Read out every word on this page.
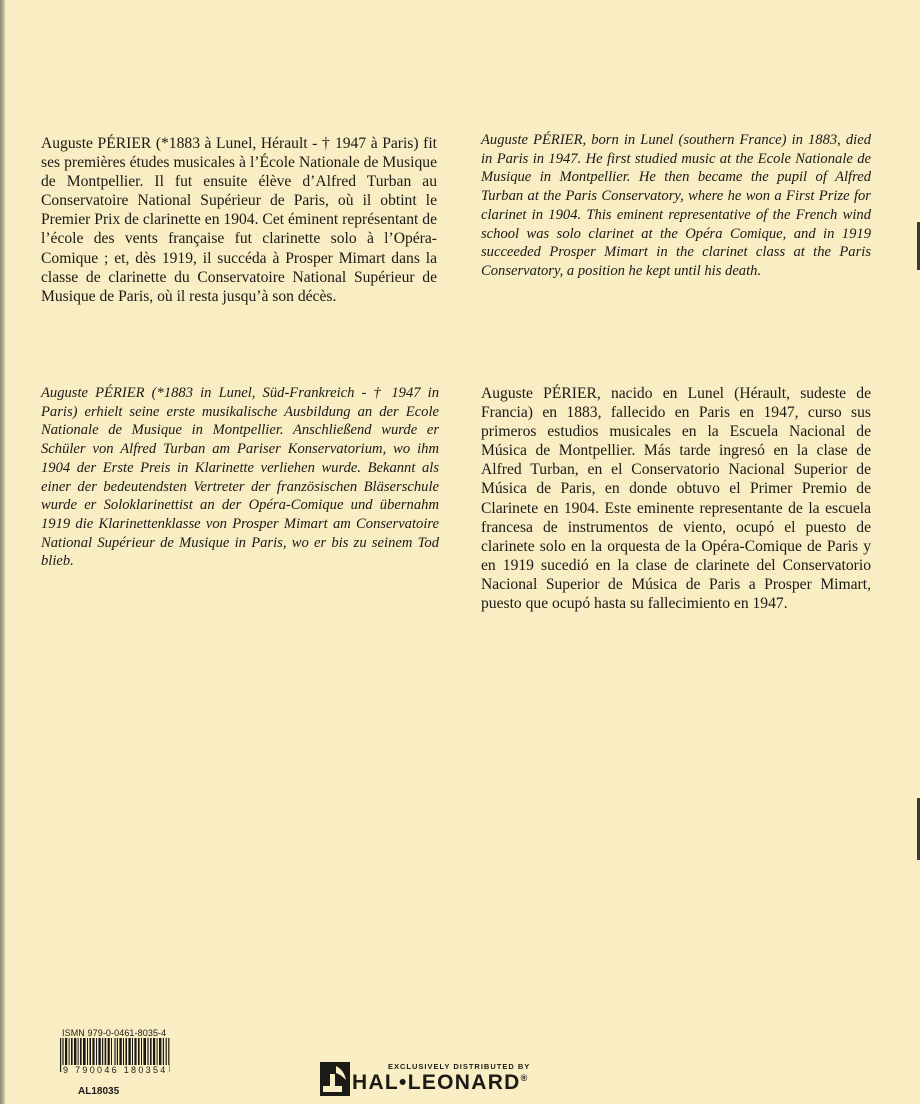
Auguste PÉRIER (*1883 à Lunel, Hérault - † 1947 à Paris) fit ses premières études musicales à l’École Nationale de Musique de Montpellier. Il fut ensuite élève d’Alfred Turban au Conservatoire National Supérieur de Paris, où il obtint le Premier Prix de clarinette en 1904. Cet éminent représentant de l’école des vents française fut clarinette solo à l’Opéra-Comique ; et, dès 1919, il succéda à Prosper Mimart dans la classe de clarinette du Conservatoire National Supérieur de Musique de Paris, où il resta jusqu’à son décès.

Auguste PÉRIER, born in Lunel (southern France) in 1883, died in Paris in 1947. He first studied music at the Ecole Nationale de Musique in Montpellier. He then became the pupil of Alfred Turban at the Paris Conservatory, where he won a First Prize for clarinet in 1904. This eminent representative of the French wind school was solo clarinet at the Opéra Comique, and in 1919 succeeded Prosper Mimart in the clarinet class at the Paris Conservatory, a position he kept until his death.

Auguste PÉRIER (*1883 in Lunel, Süd-Frankreich - † 1947 in Paris) erhielt seine erste musikalische Ausbildung an der Ecole Nationale de Musique in Montpellier. Anschließend wurde er Schüler von Alfred Turban am Pariser Konservatorium, wo ihm 1904 der Erste Preis in Klarinette verliehen wurde. Bekannt als einer der bedeutendsten Vertreter der französischen Bläserschule wurde er Soloklarinettist an der Opéra-Comique und übernahm 1919 die Klarinettenklasse von Prosper Mimart am Conservatoire National Supérieur de Musique in Paris, wo er bis zu seinem Tod blieb.

Auguste PÉRIER, nacido en Lunel (Hérault, sudeste de Francia) en 1883, fallecido en Paris en 1947, curso sus primeros estudios musicales en la Escuela Nacional de Música de Montpellier. Más tarde ingresó en la clase de Alfred Turban, en el Conservatorio Nacional Superior de Música de Paris, en donde obtuvo el Primer Premio de Clarinete en 1904. Este eminente representante de la escuela francesa de instrumentos de viento, ocupó el puesto de clarinete solo en la orquesta de la Opéra-Comique de Paris y en 1919 sucedió en la clase de clarinete del Conservatorio Nacional Superior de Música de Paris a Prosper Mimart, puesto que ocupó hasta su fallecimiento en 1947.

ISMN 979-0-0461-8035-4
9 790046 180354
AL18035
EXCLUSIVELY DISTRIBUTED BY
HAL•LEONARD®
